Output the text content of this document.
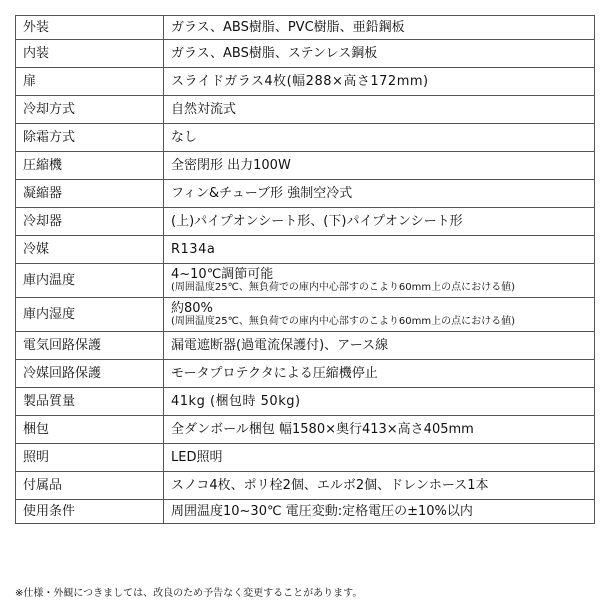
外装	ガラス、ABS樹脂、PVC樹脂、亜鉛鋼板
内装	ガラス、ABS樹脂、ステンレス鋼板
扉	スライドガラス4枚(幅288×高さ172mm)
冷却方式	自然対流式
除霜方式	なし
圧縮機	全密閉形 出力100W
凝縮器	フィン&チューブ形 強制空冷式
冷却器	(上)パイプオンシート形、(下)パイプオンシート形
冷媒	R134a
庫内温度	4~10℃調節可能
(周囲温度25℃、無負荷での庫内中心部すのこより60mm上の点における値)

庫内湿度	約80%
(周囲温度25℃、無負荷での庫内中心部すのこより60mm上の点における値)

電気回路保護	漏電遮断器(過電流保護付)、アース線
冷媒回路保護	モータプロテクタによる圧縮機停止
製品質量	41kg (梱包時 50kg)
梱包	全ダンボール梱包 幅1580×奥行413×高さ405mm
照明	LED照明
付属品	スノコ4枚、ポリ栓2個、エルボ2個、ドレンホース1本
使用条件	周囲温度10~30℃ 電圧変動:定格電圧の±10%以内
※仕様・外観につきましては、改良のため予告なく変更することがあります。
